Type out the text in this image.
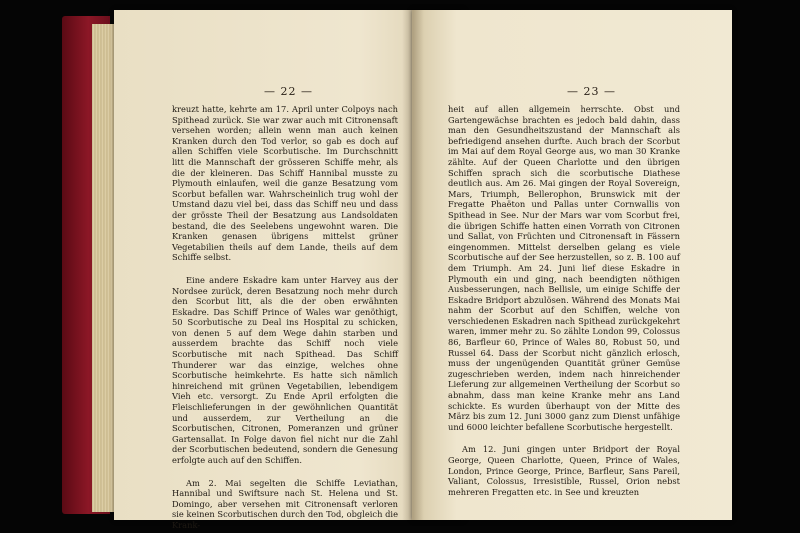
— 22 —

kreuzt hatte, kehrte am 17. April unter Colpoys nach Spithead zurück. Sie war zwar auch mit Citronensaft versehen worden; allein wenn man auch keinen Kranken durch den Tod verlor, so gab es doch auf allen Schiffen viele Scorbutische. Im Durchschnitt litt die Mannschaft der grösseren Schiffe mehr, als die der kleineren. Das Schiff Hannibal musste zu Plymouth einlaufen, weil die ganze Besatzung vom Scorbut befallen war. Wahrscheinlich trug wohl der Umstand dazu viel bei, dass das Schiff neu und dass der grösste Theil der Besatzung aus Landsoldaten bestand, die des Seelebens ungewohnt waren. Die Kranken genasen übrigens mittelst grüner Vegetabilien theils auf dem Lande, theils auf dem Schiffe selbst.

Eine andere Eskadre kam unter Harvey aus der Nordsee zurück, deren Besatzung noch mehr durch den Scorbut litt, als die der oben erwähnten Eskadre. Das Schiff Prince of Wales war genöthigt, 50 Scorbutische zu Deal ins Hospital zu schicken, von denen 5 auf dem Wege dahin starben und ausserdem brachte das Schiff noch viele Scorbutische mit nach Spithead. Das Schiff Thunderer war das einzige, welches ohne Scorbutische heimkehrte. Es hatte sich nämlich hinreichend mit grünen Vegetabilien, lebendigem Vieh etc. versorgt. Zu Ende April erfolgten die Fleischlieferungen in der gewöhnlichen Quantität und ausserdem, zur Vertheilung an die Scorbutischen, Citronen, Pomeranzen und grüner Gartensallat. In Folge davon fiel nicht nur die Zahl der Scorbutischen bedeutend, sondern die Genesung erfolgte auch auf den Schiffen.

Am 2. Mai segelten die Schiffe Leviathan, Hannibal und Swiftsure nach St. Helena und St. Domingo, aber versehen mit Citronensaft verloren sie keinen Scorbutischen durch den Tod, obgleich die Krank-

— 23 —

heit auf allen allgemein herrschte. Obst und Gartengewächse brachten es jedoch bald dahin, dass man den Gesundheitszustand der Mannschaft als befriedigend ansehen durfte. Auch brach der Scorbut im Mai auf dem Royal George aus, wo man 30 Kranke zählte. Auf der Queen Charlotte und den übrigen Schiffen sprach sich die scorbutische Diathese deutlich aus. Am 26. Mai gingen der Royal Sovereign, Mars, Triumph, Bellerophon, Brunswick mit der Fregatte Phaëton und Pallas unter Cornwallis von Spithead in See. Nur der Mars war vom Scorbut frei, die übrigen Schiffe hatten einen Vorrath von Citronen und Sallat, von Früchten und Citronensaft in Fässern eingenommen. Mittelst derselben gelang es viele Scorbutische auf der See herzustellen, so z. B. 100 auf dem Triumph. Am 24. Juni lief diese Eskadre in Plymouth ein und ging, nach beendigten nöthigen Ausbesserungen, nach Bellisle, um einige Schiffe der Eskadre Bridport abzulösen. Während des Monats Mai nahm der Scorbut auf den Schiffen, welche von verschiedenen Eskadren nach Spithead zurückgekehrt waren, immer mehr zu. So zählte London 99, Colossus 86, Barfleur 60, Prince of Wales 80, Robust 50, und Russel 64. Dass der Scorbut nicht gänzlich erlosch, muss der ungenügenden Quantität grüner Gemüse zugeschrieben werden, indem nach hinreichender Lieferung zur allgemeinen Vertheilung der Scorbut so abnahm, dass man keine Kranke mehr ans Land schickte. Es wurden überhaupt von der Mitte des März bis zum 12. Juni 3000 ganz zum Dienst unfähige und 6000 leichter befallene Scorbutische hergestellt.

Am 12. Juni gingen unter Bridport der Royal George, Queen Charlotte, Queen, Prince of Wales, London, Prince George, Prince, Barfleur, Sans Pareil, Valiant, Colossus, Irresistible, Russel, Orion nebst mehreren Fregatten etc. in See und kreuzten
